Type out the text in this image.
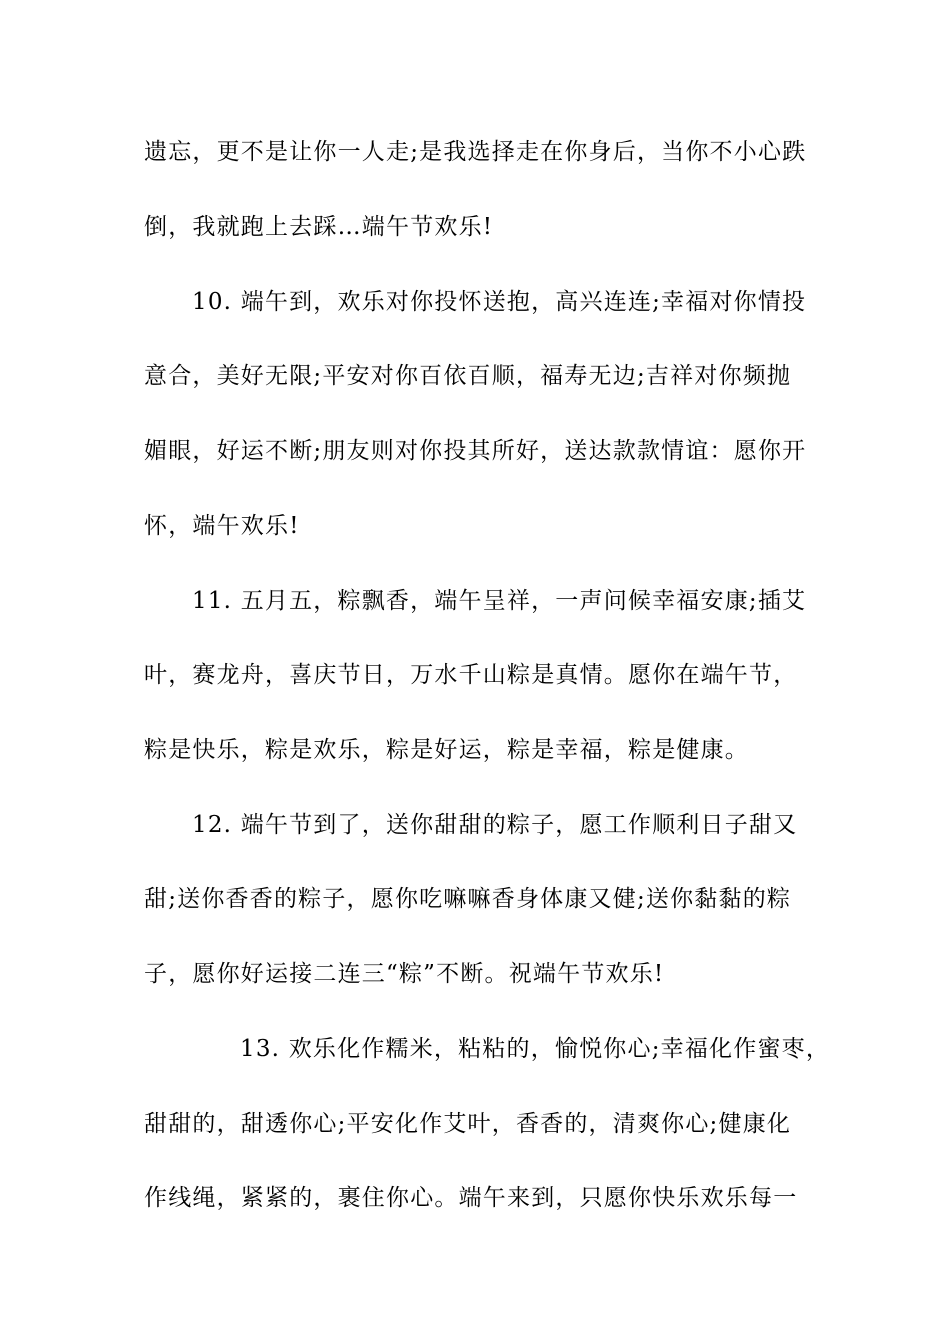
遗忘，更不是让你一人走;是我选择走在你身后，当你不小心跌
倒，我就跑上去踩…端午节欢乐!
10. 端午到，欢乐对你投怀送抱，高兴连连;幸福对你情投
意合，美好无限;平安对你百依百顺，福寿无边;吉祥对你频抛
媚眼，好运不断;朋友则对你投其所好，送达款款情谊：愿你开
怀，端午欢乐!
11. 五月五，粽飘香，端午呈祥，一声问候幸福安康;插艾
叶，赛龙舟，喜庆节日，万水千山粽是真情。愿你在端午节，
粽是快乐，粽是欢乐，粽是好运，粽是幸福，粽是健康。
12. 端午节到了，送你甜甜的粽子，愿工作顺利日子甜又
甜;送你香香的粽子，愿你吃嘛嘛香身体康又健;送你黏黏的粽
子，愿你好运接二连三“粽”不断。祝端午节欢乐!
13. 欢乐化作糯米，粘粘的，愉悦你心;幸福化作蜜枣，
甜甜的，甜透你心;平安化作艾叶，香香的，清爽你心;健康化
作线绳，紧紧的，裹住你心。端午来到，只愿你快乐欢乐每一
